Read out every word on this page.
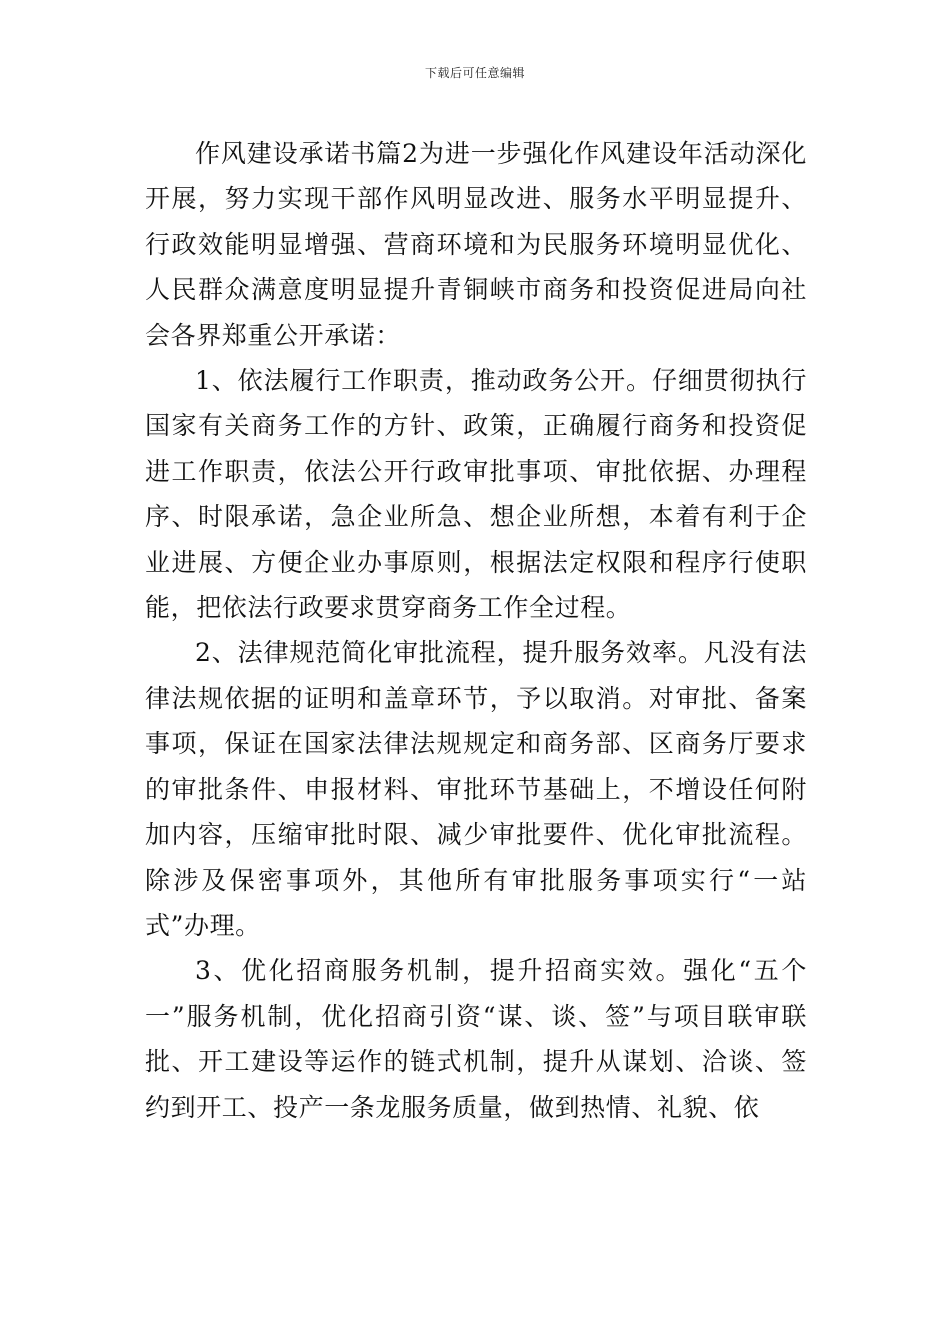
下载后可任意编辑

作风建设承诺书篇2为进一步强化作风建设年活动深化开展，努力实现干部作风明显改进、服务水平明显提升、行政效能明显增强、营商环境和为民服务环境明显优化、人民群众满意度明显提升青铜峡市商务和投资促进局向社会各界郑重公开承诺：

1、依法履行工作职责，推动政务公开。仔细贯彻执行国家有关商务工作的方针、政策，正确履行商务和投资促进工作职责，依法公开行政审批事项、审批依据、办理程序、时限承诺，急企业所急、想企业所想，本着有利于企业进展、方便企业办事原则，根据法定权限和程序行使职能，把依法行政要求贯穿商务工作全过程。

2、法律规范简化审批流程，提升服务效率。凡没有法律法规依据的证明和盖章环节，予以取消。对审批、备案事项，保证在国家法律法规规定和商务部、区商务厅要求的审批条件、申报材料、审批环节基础上，不增设任何附加内容，压缩审批时限、减少审批要件、优化审批流程。除涉及保密事项外，其他所有审批服务事项实行“一站式”办理。

3、优化招商服务机制，提升招商实效。强化“五个一”服务机制，优化招商引资“谋、谈、签”与项目联审联批、开工建设等运作的链式机制，提升从谋划、洽谈、签约到开工、投产一条龙服务质量，做到热情、礼貌、依
